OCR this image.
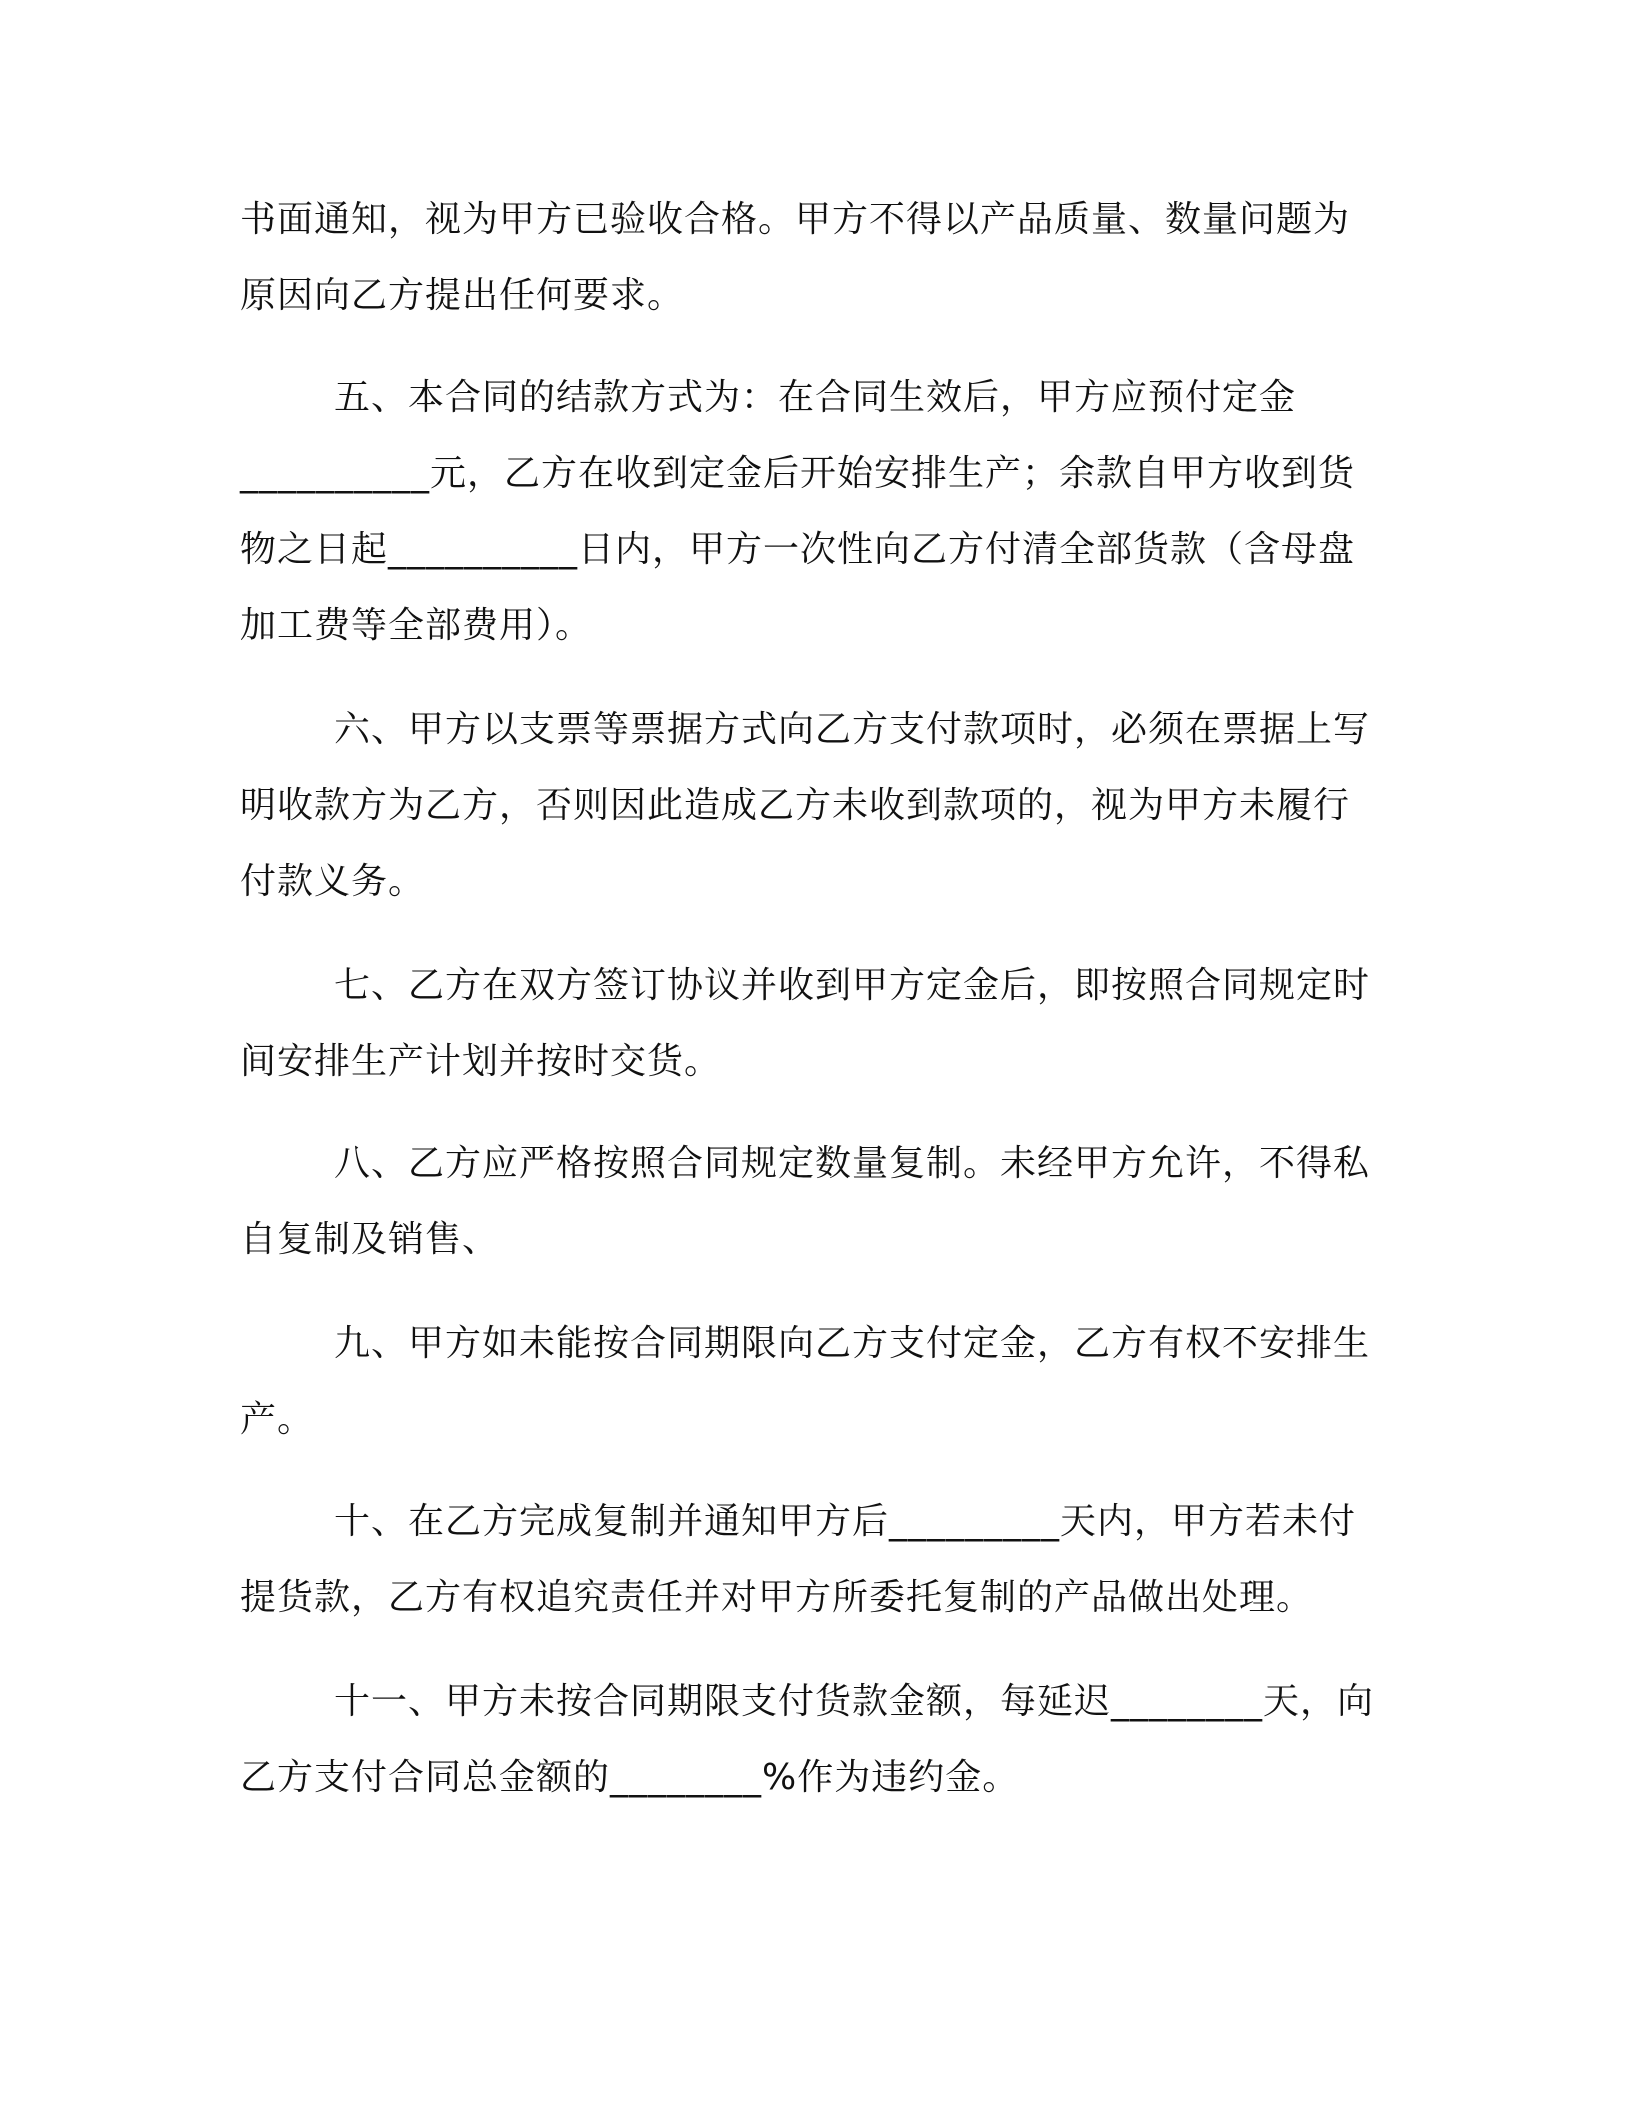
书面通知，视为甲方已验收合格。甲方不得以产品质量、数量问题为
原因向乙方提出任何要求。
五、本合同的结款方式为：在合同生效后，甲方应预付定金
__________元，乙方在收到定金后开始安排生产；余款自甲方收到货
物之日起__________日内，甲方一次性向乙方付清全部货款（含母盘
加工费等全部费用）。
六、甲方以支票等票据方式向乙方支付款项时，必须在票据上写
明收款方为乙方，否则因此造成乙方未收到款项的，视为甲方未履行
付款义务。
七、乙方在双方签订协议并收到甲方定金后，即按照合同规定时
间安排生产计划并按时交货。
八、乙方应严格按照合同规定数量复制。未经甲方允许，不得私
自复制及销售、
九、甲方如未能按合同期限向乙方支付定金，乙方有权不安排生
产。
十、在乙方完成复制并通知甲方后_________天内，甲方若未付
提货款，乙方有权追究责任并对甲方所委托复制的产品做出处理。
十一、甲方未按合同期限支付货款金额，每延迟________天，向
乙方支付合同总金额的________%作为违约金。
